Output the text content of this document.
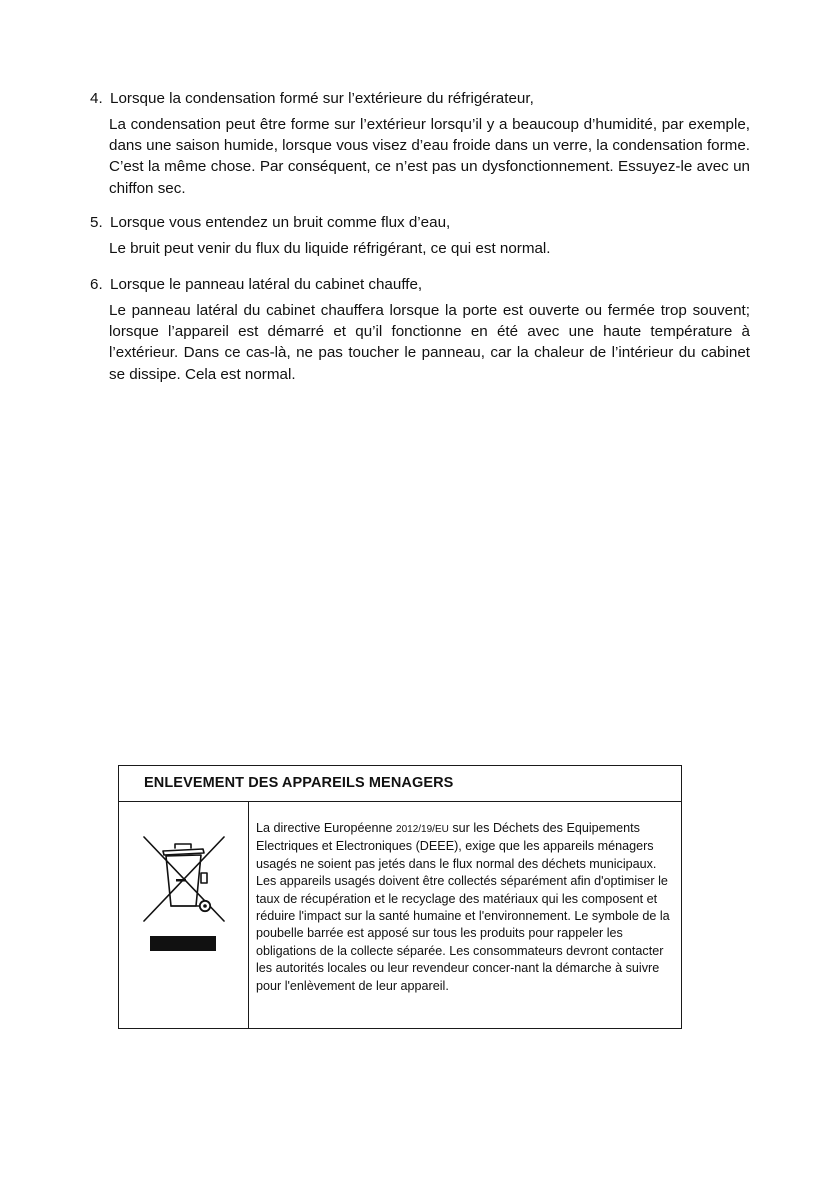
4. Lorsque la condensation formé sur l’extérieure du réfrigérateur,

La condensation peut être forme sur l’extérieur lorsqu’il y a beaucoup d’humidité, par exemple, dans une saison humide, lorsque vous visez d’eau froide dans un verre, la condensation forme. C’est la même chose. Par conséquent, ce n’est pas un dysfonctionnement. Essuyez-le avec un chiffon sec.

5. Lorsque vous entendez un bruit comme flux d’eau,

Le bruit peut venir du flux du liquide réfrigérant, ce qui est normal.

6. Lorsque le panneau latéral du cabinet chauffe,

Le panneau latéral du cabinet chauffera lorsque la porte est ouverte ou fermée trop souvent; lorsque l’appareil est démarré et qu’il fonctionne en été avec une haute température à l’extérieur. Dans ce cas-là, ne pas toucher le panneau, car la chaleur de l’intérieur du cabinet se dissipe. Cela est normal.

ENLEVEMENT DES APPAREILS MENAGERS
La directive Européenne 2012/19/EU sur les Déchets des Equipements Electriques et Electroniques (DEEE), exige que les appareils ménagers usagés ne soient pas jetés dans le flux normal des déchets municipaux. Les appareils usagés doivent être collectés séparément afin d'optimiser le taux de récupération et le recyclage des matériaux qui les composent et réduire l'impact sur la santé humaine et l'environnement. Le symbole de la poubelle barrée est apposé sur tous les produits pour rappeler les obligations de la collecte séparée. Les consommateurs devront contacter les autorités locales ou leur revendeur concer-nant la démarche à suivre pour l'enlèvement de leur appareil.
